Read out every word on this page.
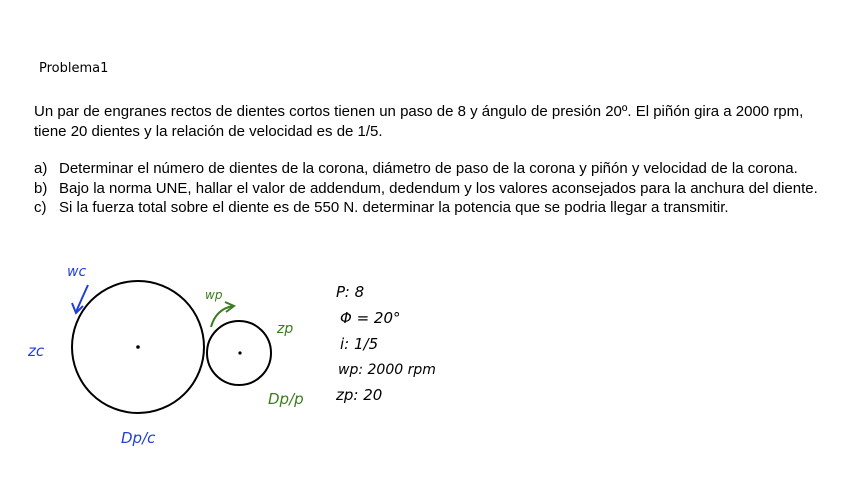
Problema1
Un par de engranes rectos de dientes cortos tienen un paso de 8 y ángulo de presión 20º. El piñón gira a 2000 rpm, tiene 20 dientes y la relación de velocidad es de 1/5.
a) Determinar el número de dientes de la corona, diámetro de paso de la corona y piñón y velocidad de la corona.
b) Bajo la norma UNE, hallar el valor de addendum, dedendum y los valores aconsejados para la anchura del diente.
c) Si la fuerza total sobre el diente es de 550 N. determinar la potencia que se podria llegar a transmitir.
wc
zc
Dp/c
wp
zp
Dp/p
P: 8
Φ = 20°
i: 1/5
wp: 2000 rpm
zp: 20
